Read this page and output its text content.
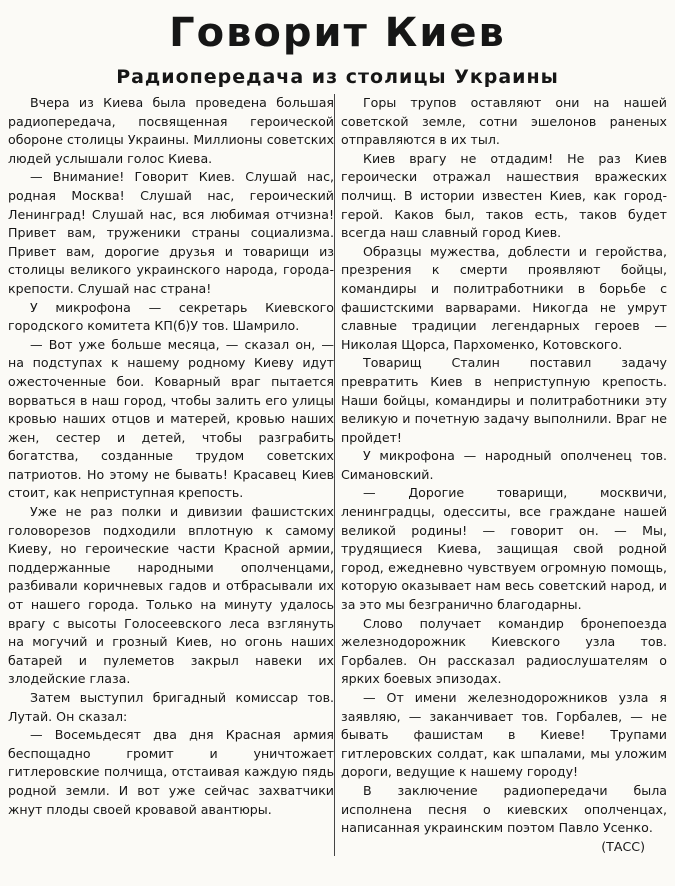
Говорит Киев
Радиопередача из столицы Украины

Вчера из Киева была проведена большая радиопередача, посвященная героической обороне столицы Украины. Миллионы советских людей услышали голос Киева.

— Внимание! Говорит Киев. Слушай нас, родная Москва! Слушай нас, героический Ленинград! Слушай нас, вся любимая отчизна! Привет вам, труженики страны социализма. Привет вам, дорогие друзья и товарищи из столицы великого украинского народа, города-крепости. Слушай нас страна!

У микрофона — секретарь Киевского городского комитета КП(б)У тов. Шамрило.

— Вот уже больше месяца, — сказал он, — на подступах к нашему родному Киеву идут ожесточенные бои. Коварный враг пытается ворваться в наш город, чтобы залить его улицы кровью наших отцов и матерей, кровью наших жен, сестер и детей, чтобы разграбить богатства, созданные трудом советских патриотов. Но этому не бывать! Красавец Киев стоит, как неприступная крепость.

Уже не раз полки и дивизии фашистских головорезов подходили вплотную к самому Киеву, но героические части Красной армии, поддержанные народными ополченцами, разбивали коричневых гадов и отбрасывали их от нашего города. Только на минуту удалось врагу с высоты Голосеевского леса взглянуть на могучий и грозный Киев, но огонь наших батарей и пулеметов закрыл навеки их злодейские глаза.

Затем выступил бригадный комиссар тов. Лутай. Он сказал:

— Восемьдесят два дня Красная армия беспощадно громит и уничтожает гитлеровские полчища, отстаивая каждую пядь родной земли. И вот уже сейчас захватчики жнут плоды своей кровавой авантюры.

Горы трупов оставляют они на нашей советской земле, сотни эшелонов раненых отправляются в их тыл.

Киев врагу не отдадим! Не раз Киев героически отражал нашествия вражеских полчищ. В истории известен Киев, как город-герой. Каков был, таков есть, таков будет всегда наш славный город Киев.

Образцы мужества, доблести и геройства, презрения к смерти проявляют бойцы, командиры и политработники в борьбе с фашистскими варварами. Никогда не умрут славные традиции легендарных героев — Николая Щорса, Пархоменко, Котовского.

Товарищ Сталин поставил задачу превратить Киев в неприступную крепость. Наши бойцы, командиры и политработники эту великую и почетную задачу выполнили. Враг не пройдет!

У микрофона — народный ополченец тов. Симановский.

— Дорогие товарищи, москвичи, ленинградцы, одесситы, все граждане нашей великой родины! — говорит он. — Мы, трудящиеся Киева, защищая свой родной город, ежедневно чувствуем огромную помощь, которую оказывает нам весь советский народ, и за это мы безгранично благодарны.

Слово получает командир бронепоезда железнодорожник Киевского узла тов. Горбалев. Он рассказал радиослушателям о ярких боевых эпизодах.

— От имени железнодорожников узла я заявляю, — заканчивает тов. Горбалев, — не бывать фашистам в Киеве! Трупами гитлеровских солдат, как шпалами, мы уложим дороги, ведущие к нашему городу!

В заключение радиопередачи была исполнена песня о киевских ополченцах, написанная украинским поэтом Павло Усенко.

(ТАСС)
